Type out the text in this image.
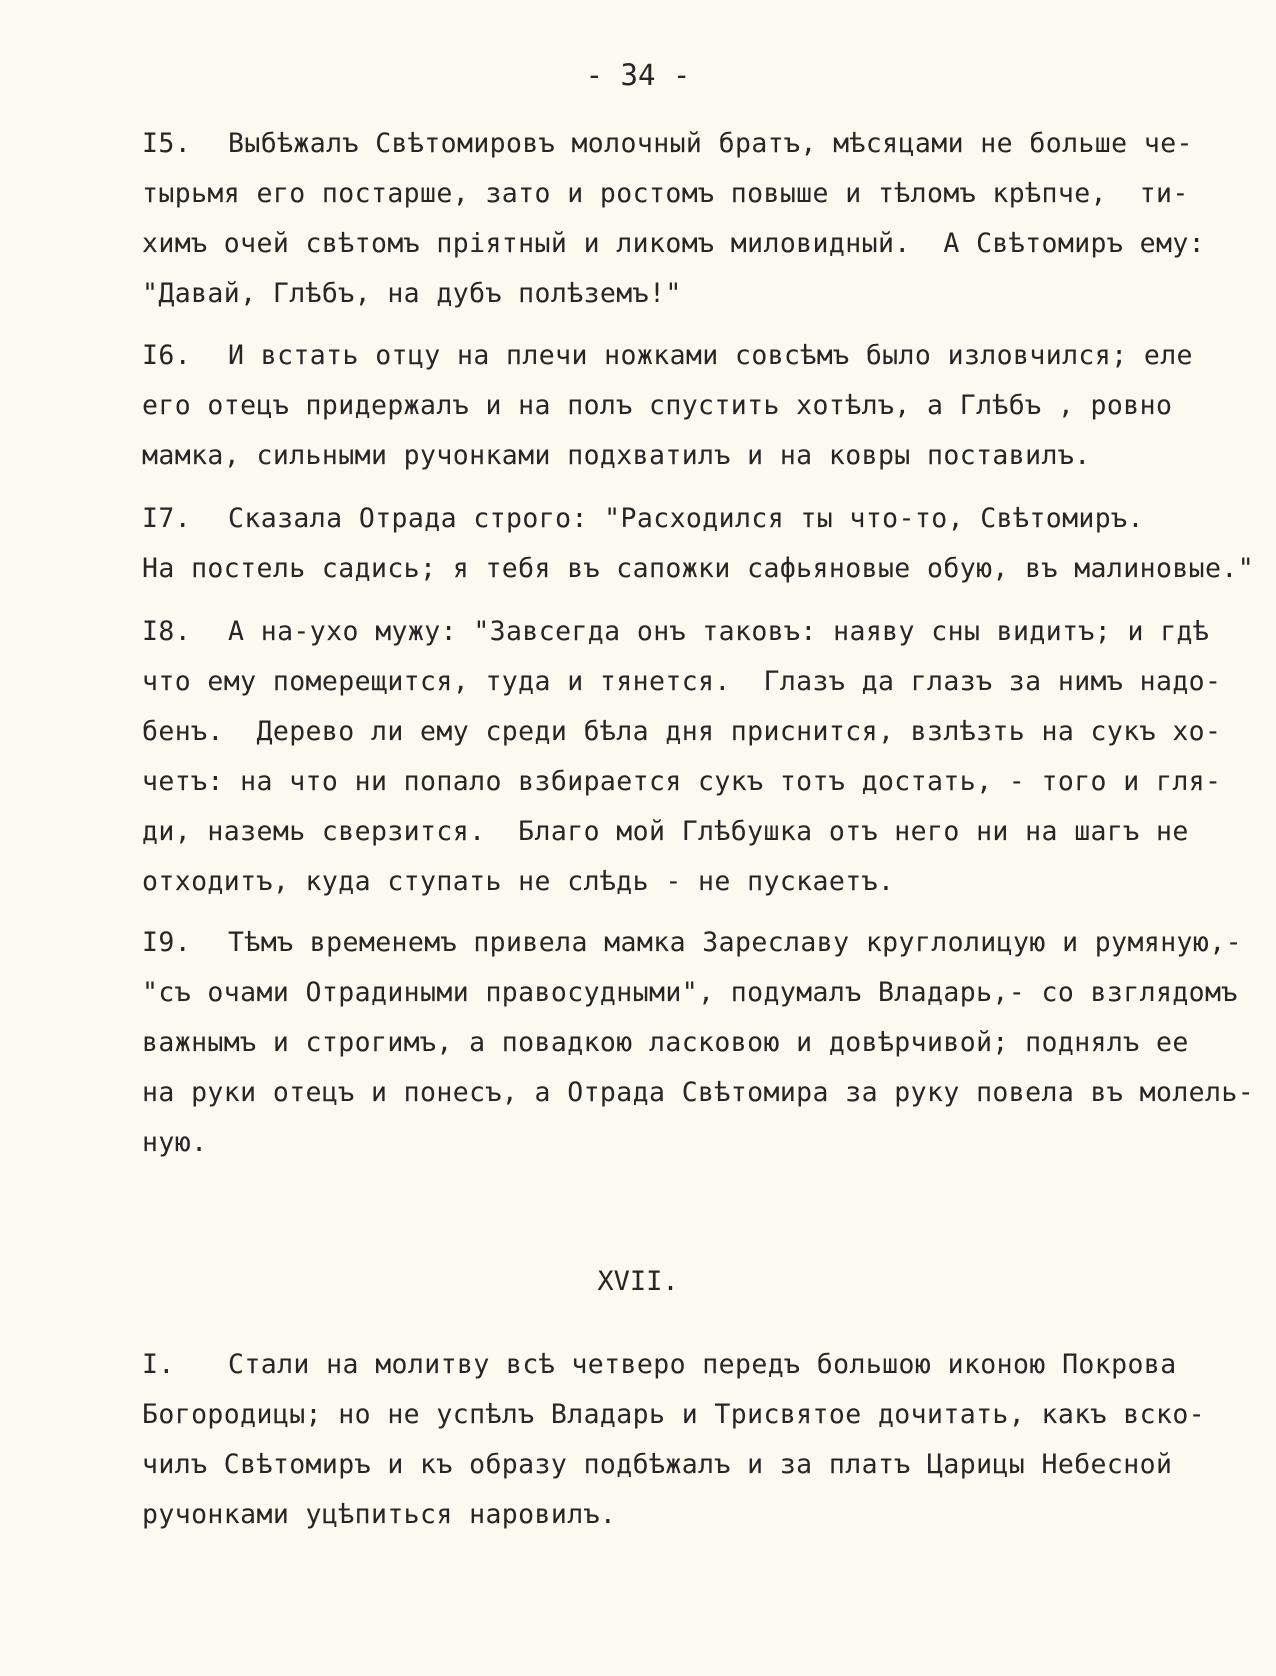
- 34 -
I5. Выбѣжалъ Свѣтомировъ молочный братъ, мѣсяцами не больше че-
тырьмя его постарше, зато и ростомъ повыше и тѣломъ крѣпче,  ти-
химъ очей свѣтомъ пріятный и ликомъ миловидный.  А Свѣтомиръ ему:
"Давай, Глѣбъ, на дубъ полѣземъ!"
I6. И встать отцу на плечи ножками совсѣмъ было изловчился; еле
его отецъ придержалъ и на полъ спустить хотѣлъ, а Глѣбъ , ровно
мамка, сильными ручонками подхватилъ и на ковры поставилъ.
I7. Сказала Отрада строго: "Расходился ты что-то, Свѣтомиръ.
На постель садись; я тебя въ сапожки сафьяновые обую, въ малиновые."
I8. А на-ухо мужу: "Завсегда онъ таковъ: наяву сны видитъ; и гдѣ
что ему померещится, туда и тянется.  Глазъ да глазъ за нимъ надо-
бенъ.  Дерево ли ему среди бѣла дня приснится, взлѣзть на сукъ хо-
четъ: на что ни попало взбирается сукъ тотъ достать, - того и гля-
ди, наземь сверзится.  Благо мой Глѣбушка отъ него ни на шагъ не
отходитъ, куда ступать не слѣдь - не пускаетъ.
I9. Тѣмъ временемъ привела мамка Зареславу круглолицую и румяную,-
"съ очами Отрадиными правосудными", подумалъ Владарь,- со взглядомъ
важнымъ и строгимъ, а повадкою ласковою и довѣрчивой; поднялъ ее
на руки отецъ и понесъ, а Отрада Свѣтомира за руку повела въ молель-
ную.
I. Стали на молитву всѣ четверо передъ большою иконою Покрова
Богородицы; но не успѣлъ Владарь и Трисвятое дочитать, какъ вско-
чилъ Свѣтомиръ и къ образу подбѣжалъ и за платъ Царицы Небесной
ручонками уцѣпиться наровилъ.
XVII.
